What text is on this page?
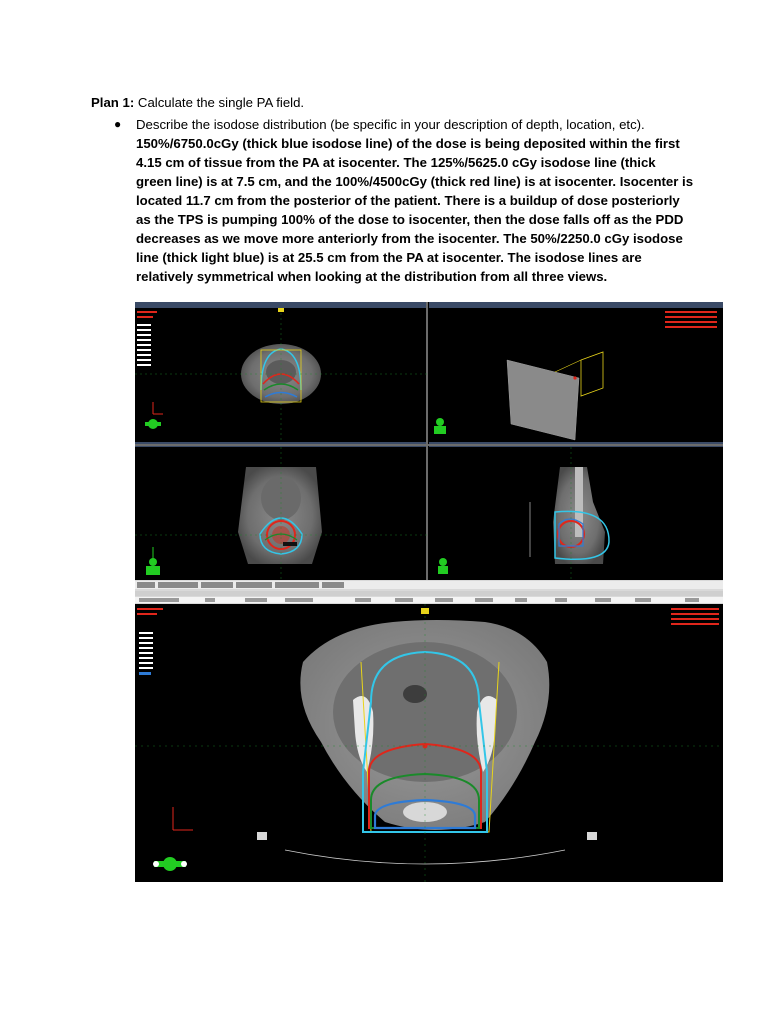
Plan 1: Calculate the single PA field.
● Describe the isodose distribution (be specific in your description of depth, location, etc).
150%/6750.0cGy (thick blue isodose line) of the dose is being deposited within the first 4.15 cm of tissue from the PA at isocenter. The 125%/5625.0 cGy isodose line (thick green line) is at 7.5 cm, and the 100%/4500cGy (thick red line) is at isocenter. Isocenter is located 11.7 cm from the posterior of the patient. There is a buildup of dose posteriorly as the TPS is pumping 100% of the dose to isocenter, then the dose falls off as the PDD decreases as we move more anteriorly from the isocenter. The 50%/2250.0 cGy isodose line (thick light blue) is at 25.5 cm from the PA at isocenter. The isodose lines are relatively symmetrical when looking at the distribution from all three views.
